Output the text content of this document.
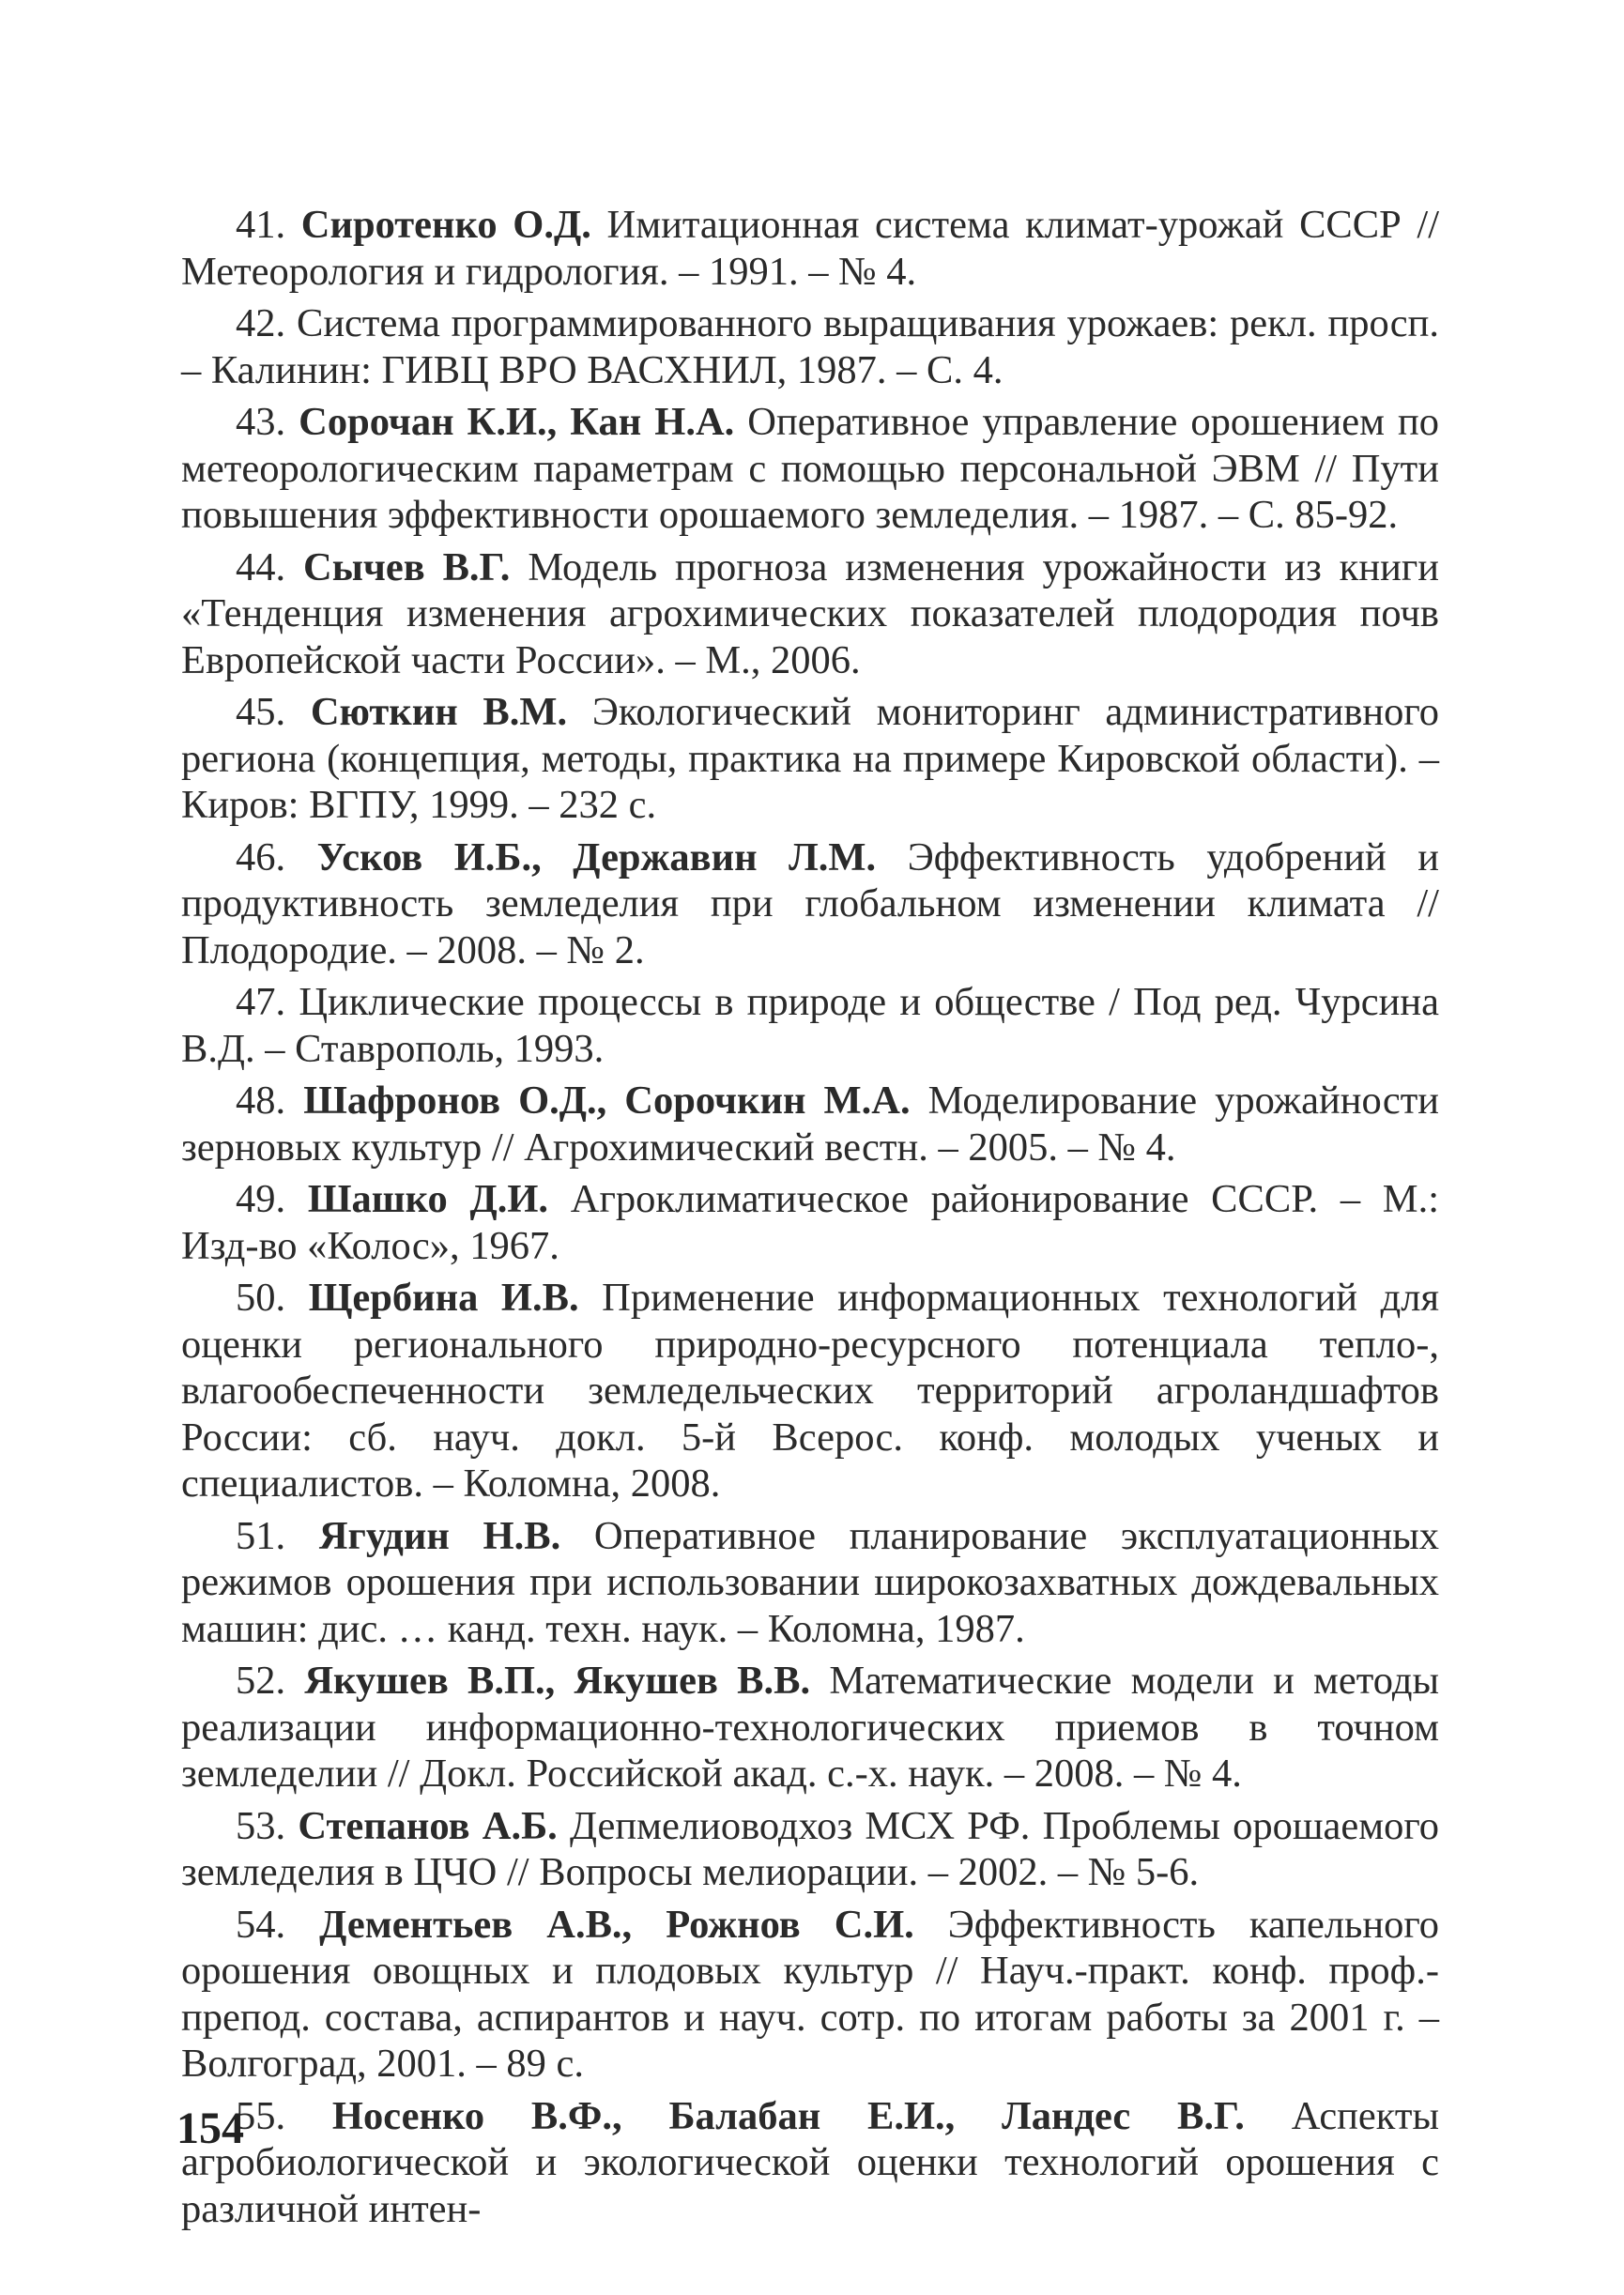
41. Сиротенко О.Д. Имитационная система климат-урожай СССР // Метеорология и гидрология. – 1991. – № 4.

42. Система программированного выращивания урожаев: рекл. просп. – Калинин: ГИВЦ ВРО ВАСХНИЛ, 1987. – С. 4.

43. Сорочан К.И., Кан Н.А. Оперативное управление орошением по метеорологическим параметрам с помощью персональной ЭВМ // Пути повышения эффективности орошаемого земледелия. – 1987. – С. 85-92.

44. Сычев В.Г. Модель прогноза изменения урожайности из книги «Тенденция изменения агрохимических показателей плодородия почв Европейской части России». – М., 2006.

45. Сюткин В.М. Экологический мониторинг административного региона (концепция, методы, практика на примере Кировской области). – Киров: ВГПУ, 1999. – 232 с.

46. Усков И.Б., Державин Л.М. Эффективность удобрений и продуктивность земледелия при глобальном изменении климата // Плодородие. – 2008. – № 2.

47. Циклические процессы в природе и обществе / Под ред. Чурсина В.Д. – Ставрополь, 1993.

48. Шафронов О.Д., Сорочкин М.А. Моделирование урожайности зерновых культур // Агрохимический вестн. – 2005. – № 4.

49. Шашко Д.И. Агроклиматическое районирование СССР. – М.: Изд-во «Колос», 1967.

50. Щербина И.В. Применение информационных технологий для оценки регионального природно-ресурсного потенциала тепло-, влагообеспеченности земледельческих территорий агроландшафтов России: сб. науч. докл. 5-й Всерос. конф. молодых ученых и специалистов. – Коломна, 2008.

51. Ягудин Н.В. Оперативное планирование эксплуатационных режимов орошения при использовании широкозахватных дождевальных машин: дис. … канд. техн. наук. – Коломна, 1987.

52. Якушев В.П., Якушев В.В. Математические модели и методы реализации информационно-технологических приемов в точном земледелии // Докл. Российской акад. с.-х. наук. – 2008. – № 4.

53. Степанов А.Б. Депмелиоводхоз МСХ РФ. Проблемы орошаемого земледелия в ЦЧО // Вопросы мелиорации. – 2002. – № 5-6.

54. Дементьев А.В., Рожнов С.И. Эффективность капельного орошения овощных и плодовых культур // Науч.-практ. конф. проф.-препод. состава, аспирантов и науч. сотр. по итогам работы за 2001 г. – Волгоград, 2001. – 89 с.

55. Носенко В.Ф., Балабан Е.И., Ландес В.Г. Аспекты агробиологической и экологической оценки технологий орошения с различной интен-

154
